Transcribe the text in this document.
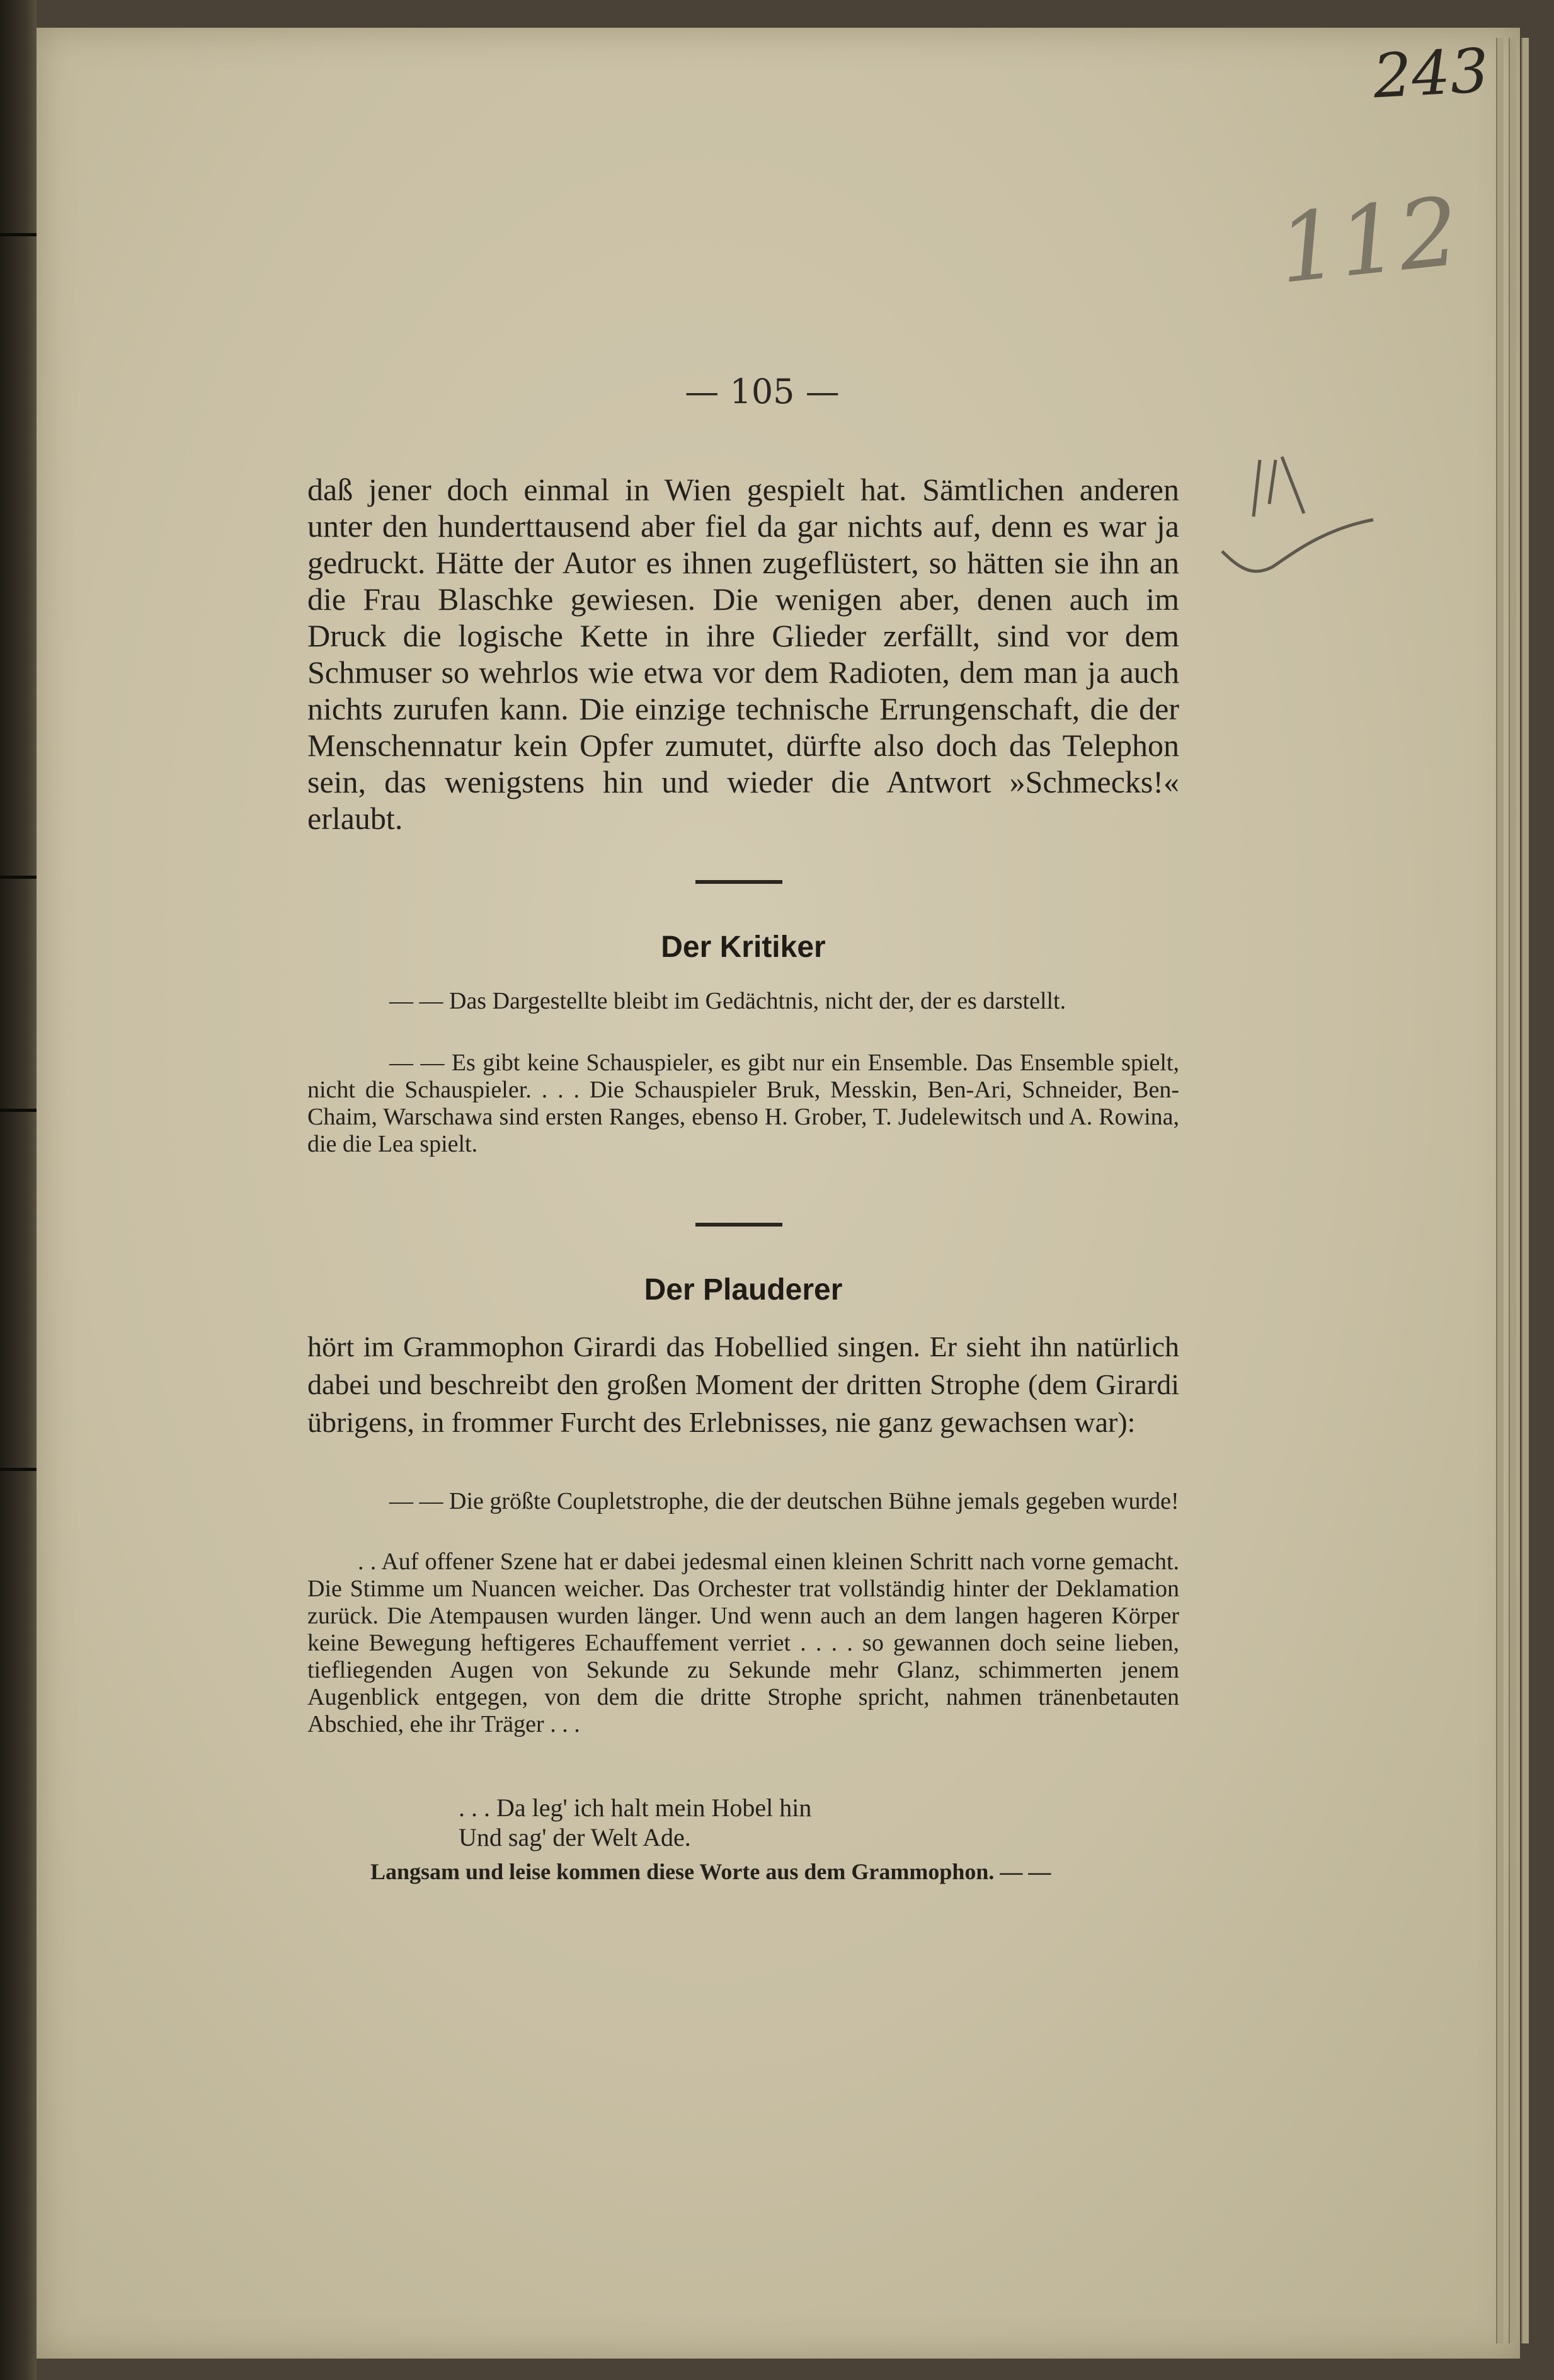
243
112
— 105 —

daß jener doch einmal in Wien gespielt hat. Sämtlichen anderen unter den hunderttausend aber fiel da gar nichts auf, denn es war ja gedruckt. Hätte der Autor es ihnen zugeflüstert, so hätten sie ihn an die Frau Blaschke gewiesen. Die wenigen aber, denen auch im Druck die logische Kette in ihre Glieder zerfällt, sind vor dem Schmuser so wehrlos wie etwa vor dem Radioten, dem man ja auch nichts zurufen kann. Die einzige technische Errungenschaft, die der Menschennatur kein Opfer zumutet, dürfte also doch das Telephon sein, das wenigstens hin und wieder die Antwort »Schmecks!« erlaubt.

Der Kritiker

— — Das Dargestellte bleibt im Gedächtnis, nicht der, der es darstellt.

— — Es gibt keine Schauspieler, es gibt nur ein Ensemble. Das Ensemble spielt, nicht die Schauspieler. . . . Die Schauspieler Bruk, Messkin, Ben-Ari, Schneider, Ben-Chaim, Warschawa sind ersten Ranges, ebenso H. Grober, T. Judelewitsch und A. Rowina, die die Lea spielt.

Der Plauderer

hört im Grammophon Girardi das Hobellied singen. Er sieht ihn natürlich dabei und beschreibt den großen Moment der dritten Strophe (dem Girardi übrigens, in frommer Furcht des Erlebnisses, nie ganz gewachsen war):

— — Die größte Coupletstrophe, die der deutschen Bühne jemals gegeben wurde!

. . Auf offener Szene hat er dabei jedesmal einen kleinen Schritt nach vorne gemacht. Die Stimme um Nuancen weicher. Das Orchester trat vollständig hinter der Deklamation zurück. Die Atempausen wurden länger. Und wenn auch an dem langen hageren Körper keine Bewegung heftigeres Echauffement verriet . . . . so gewannen doch seine lieben, tiefliegenden Augen von Sekunde zu Sekunde mehr Glanz, schimmerten jenem Augenblick entgegen, von dem die dritte Strophe spricht, nahmen tränenbetauten Abschied, ehe ihr Träger . . .

. . . Da leg' ich halt mein Hobel hin
Und sag' der Welt Ade.
Langsam und leise kommen diese Worte aus dem Grammophon. — —
